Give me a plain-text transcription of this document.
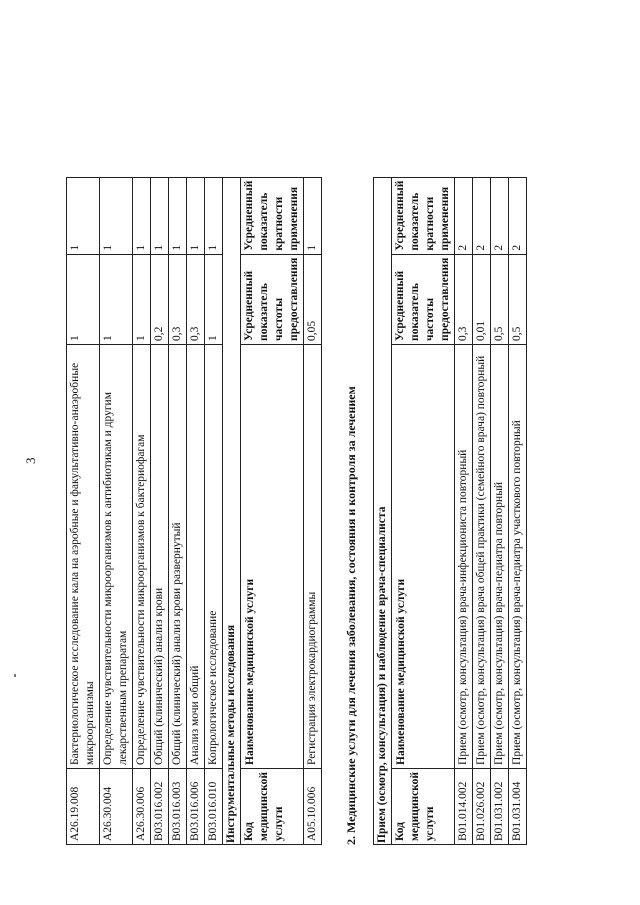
3
A26.19.008	Бактериологическое исследование кала на аэробные и факультативно-анаэробные микроорганизмы	1	1
A26.30.004	Определение чувствительности микроорганизмов к антибиотикам и другим лекарственным препаратам	1	1
A26.30.006	Определение чувствительности микроорганизмов к бактериофагам	1	1
B03.016.002	Общий (клинический) анализ крови	0,2	1
B03.016.003	Общий (клинический) анализ крови развернутый	0,3	1
B03.016.006	Анализ мочи общий	0,3	1
B03.016.010	Копрологическое исследование	1	1
Инструментальные методы исследования			
Код медицинской услуги	Наименование медицинской услуги	Усредненный показатель частоты предоставления	Усредненный показатель кратности применения
A05.10.006	Регистрация электрокардиограммы	0,05	1
2. Медицинские услуги для лечения заболевания, состояния и контроля за лечением Прием (осмотр, консультация) и наблюдение врача-специалиста			
Код медицинской услуги	Наименование медицинской услуги	Усредненный показатель частоты предоставления	Усредненный показатель кратности применения
B01.014.002	Прием (осмотр, консультация) врача-инфекциониста повторный	0,3	2
B01.026.002	Прием (осмотр, консультация) врача общей практики (семейного врача) повторный	0,01	2
B01.031.002	Прием (осмотр, консультация) врача-педиатра повторный	0,5	2
B01.031.004	Прием (осмотр, консультация) врача-педиатра участкового повторный	0,5	2
